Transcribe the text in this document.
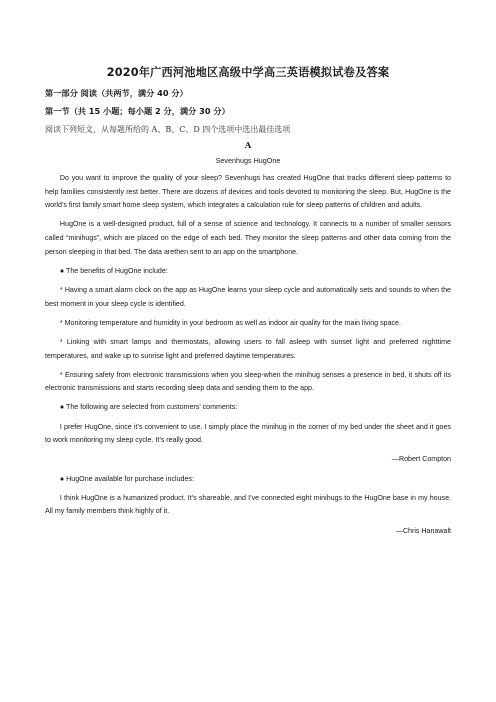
2020年广西河池地区高级中学高三英语模拟试卷及答案
第一部分 阅读（共两节，满分 40 分）
第一节（共 15 小题；每小题 2 分，满分 30 分）
阅读下列短文，从每题所给的 A、B、C、D 四个选项中选出最佳选项
A
Sevenhugs HugOne

Do you want to improve the quality of your sleep? Sevenhugs has created HugOne that tracks different sleep patterns to help families consistently rest better. There are dozens of devices and tools devoted to monitoring the sleep. But, HugOne is the world’s first family smart home sleep system, which integrates a calculation rule for sleep patterns of children and adults.

HugOne is a well-designed product, full of a sense of science and technology. It connects to a number of smaller sensors called “minihugs”, which are placed on the edge of each bed. They monitor the sleep patterns and other data coming from the person sleeping in that bed. The data arethen sent to an app on the smartphone.

● The benefits of HugOne include:

* Having a smart alarm clock on the app as HugOne learns your sleep cycle and automatically sets and sounds to when the best moment in your sleep cycle is identified.

* Monitoring temperature and humidity in your bedroom as well as indoor air quality for the main living space.

* Linking with smart lamps and thermostats, allowing users to fall asleep with sunset light and preferred nighttime temperatures, and wake up to sunrise light and preferred daytime temperatures.

* Ensuring safety from electronic transmissions when you sleep-when the minihug senses a presence in bed, it shuts off its electronic transmissions and starts recording sleep data and sending them to the app.

● The following are selected from customers’ comments:

I prefer HugOne, since it’s convenient to use. I simply place the minihug in the corner of my bed under the sheet and it goes to work monitoring my sleep cycle. It’s really good.

—Robert Compton

● HugOne available for purchase includes:

I think HugOne is a humanized product. It’s shareable, and I’ve connected eight minihugs to the HugOne base in my house. All my family members think highly of it.

—Chris Hanawalt
